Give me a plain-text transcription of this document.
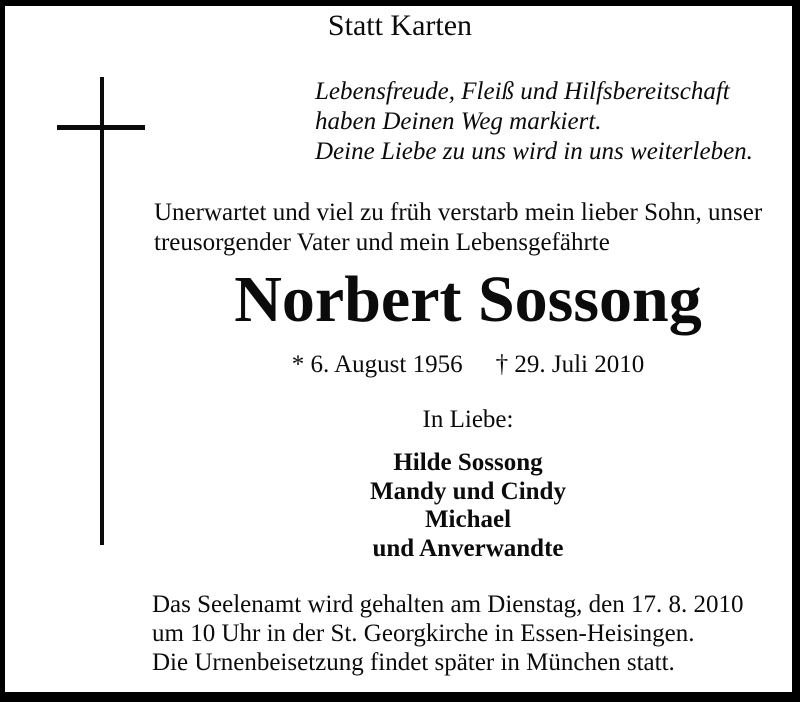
Statt Karten
Lebensfreude, Fleiß und Hilfsbereitschaft
haben Deinen Weg markiert.
Deine Liebe zu uns wird in uns weiterleben.
Unerwartet und viel zu früh verstarb mein lieber Sohn, unser
treusorgender Vater und mein Lebensgefährte
Norbert Sossong
* 6. August 1956 † 29. Juli 2010
In Liebe:
Hilde Sossong
Mandy und Cindy
Michael
und Anverwandte
Das Seelenamt wird gehalten am Dienstag, den 17. 8. 2010
um 10 Uhr in der St. Georgkirche in Essen-Heisingen.
Die Urnenbeisetzung findet später in München statt.
